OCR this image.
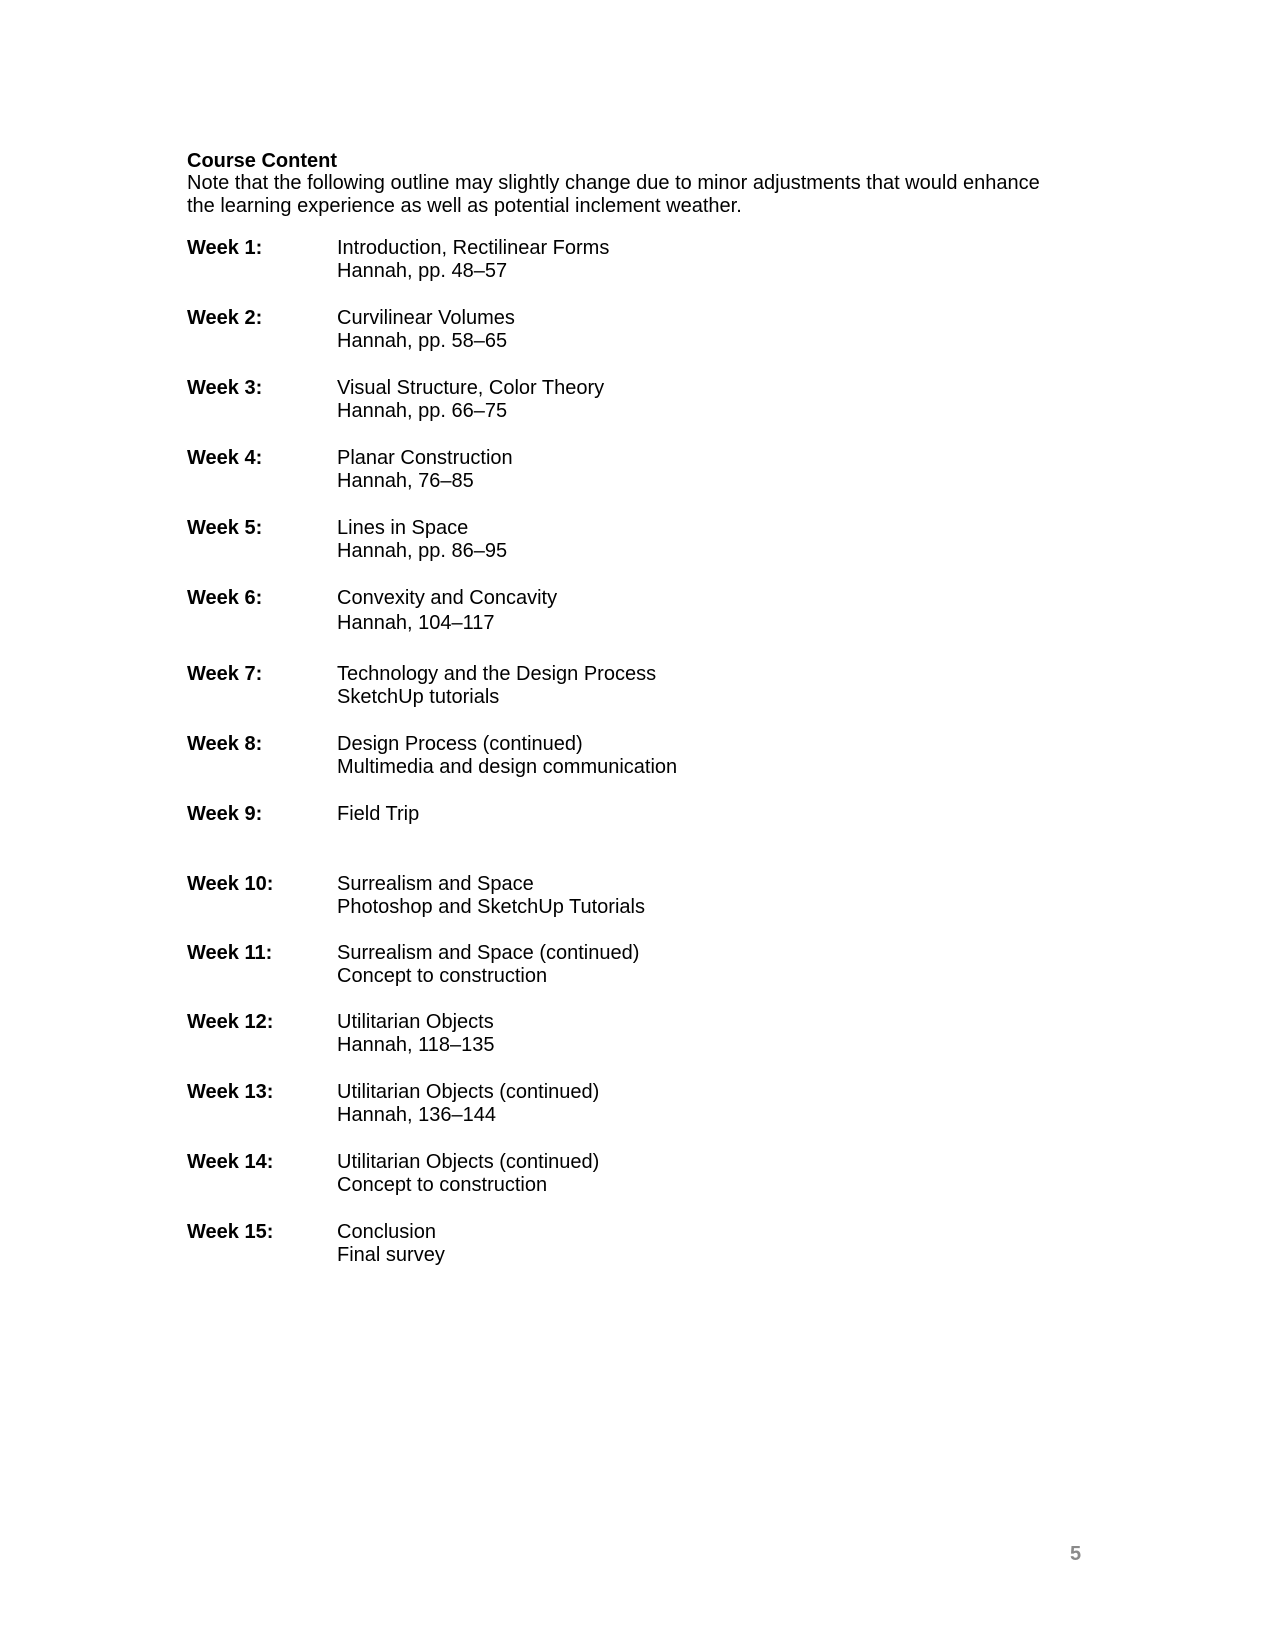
Course Content

Note that the following outline may slightly change due to minor adjustments that would enhance
the learning experience as well as potential inclement weather.

Week 1:	Introduction, Rectilinear Forms
Hannah, pp. 48–57
Week 2:	Curvilinear Volumes
Hannah, pp. 58–65
Week 3:	Visual Structure, Color Theory
Hannah, pp. 66–75
Week 4:	Planar Construction
Hannah, 76–85
Week 5:	Lines in Space
Hannah, pp. 86–95
Week 6:	Convexity and Concavity
Hannah, 104–117
Week 7:	Technology and the Design Process
SketchUp tutorials
Week 8:	Design Process (continued)
Multimedia and design communication
Week 9:	Field Trip
Week 10:	Surrealism and Space
Photoshop and SketchUp Tutorials
Week 11:	Surrealism and Space (continued)
Concept to construction
Week 12:	Utilitarian Objects
Hannah, 118–135
Week 13:	Utilitarian Objects (continued)
Hannah, 136–144
Week 14:	Utilitarian Objects (continued)
Concept to construction
Week 15:	Conclusion
Final survey
5
